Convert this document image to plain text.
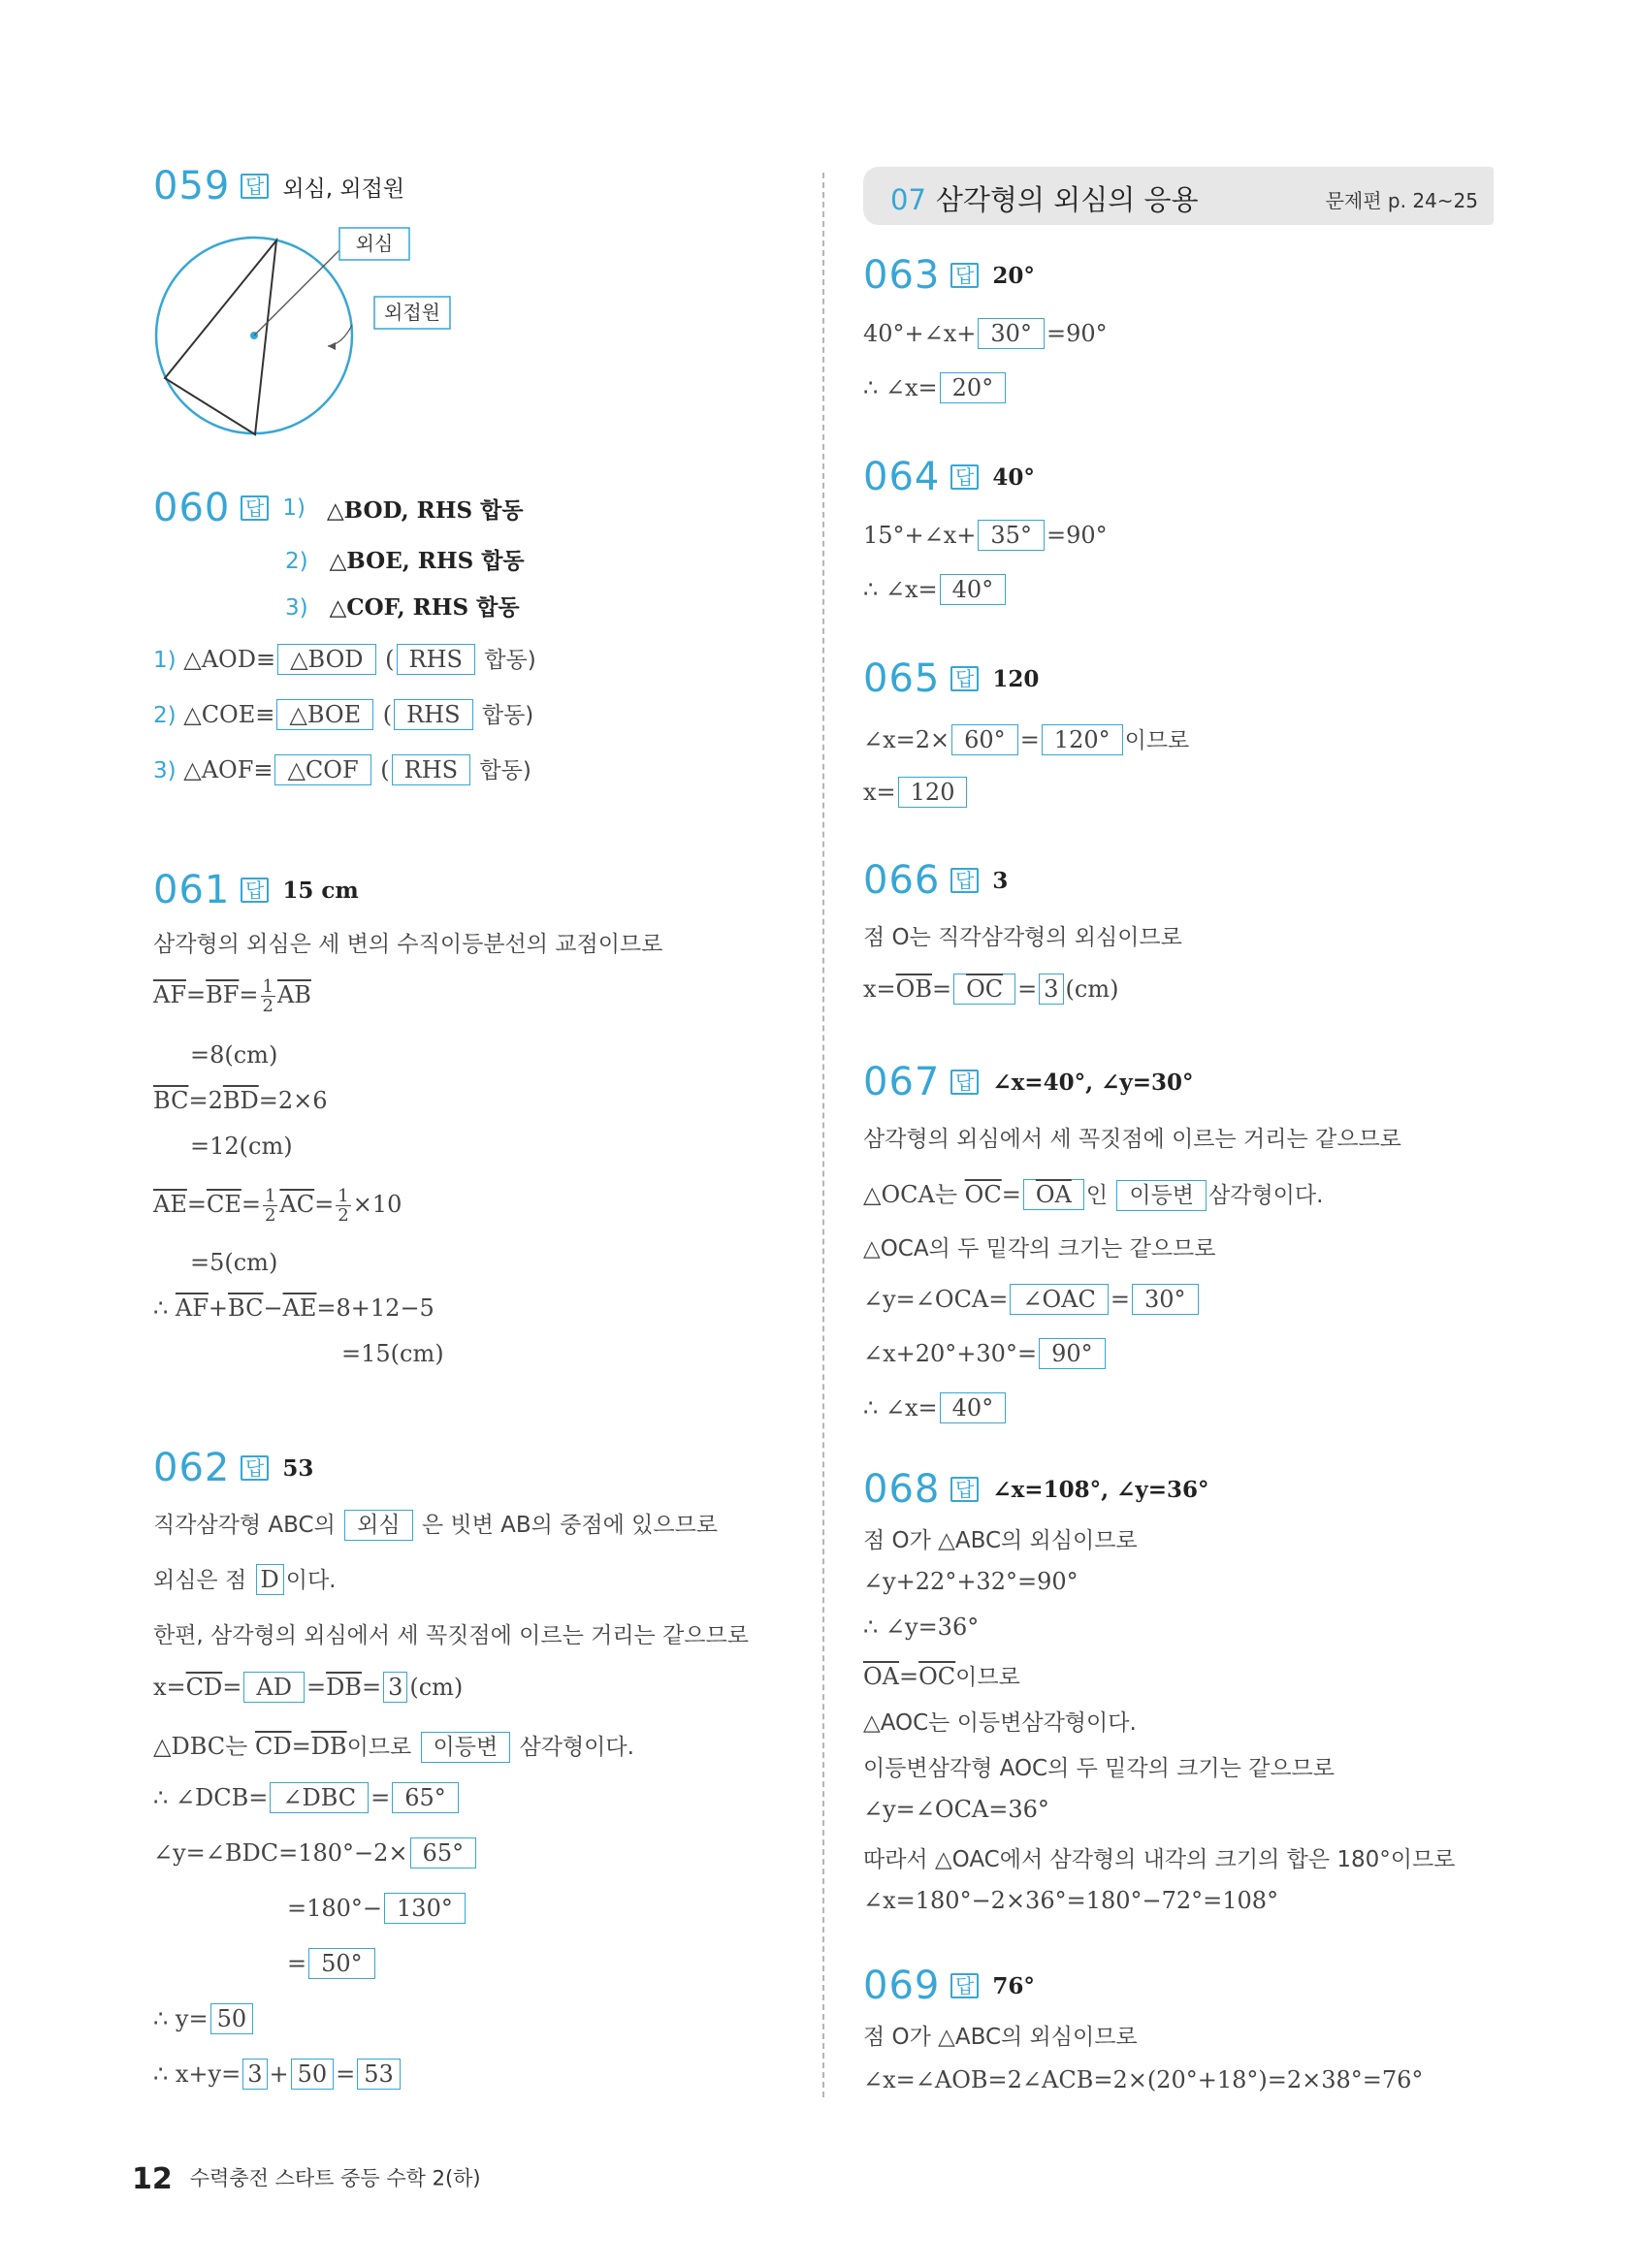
059 답 외심, 외접원
외심
외접원
060 답 1) △BOD, RHS 합동
2) △BOE, RHS 합동
3) △COF, RHS 합동
1) △AOD≡ △BOD ( RHS 합동)
2) △COE≡ △BOE ( RHS 합동)
3) △AOF≡ △COF ( RHS 합동)
061 답 15 cm
삼각형의 외심은 세 변의 수직이등분선의 교점이므로
$\overline{AF}=\overline{BF}= \frac{1}{2} \overline{AB}$
=8(cm)
$\overline{BC}=2\overline{BD}=2\times 6$
=12(cm)
$\overline{AE}=\overline{CE}= \frac{1}{2} \overline{AC}= \frac{1}{2} \times 10$
=5(cm)
∴ $\overline{AF}+\overline{BC}-\overline{AE}=8+12-5$
=15(cm)
062 답 53
직각삼각형 ABC의 외심 은 빗변 AB의 중점에 있으므로
외심은 점 D 이다.
한편, 삼각형의 외심에서 세 꼭짓점에 이르는 거리는 같으므로
$x=\overline{CD}=$ AD $=\overline{DB}= 3$ (cm)
△DBC는 $\overline{CD}=\overline{DB}$이므로 이등변 삼각형이다.
∴ ∠DCB= ∠DBC = 65°
∠y=∠BDC=180°−2× 65°
=180°− 130°
= 50°
∴ y= 50
∴ x+y= 3 + 50 = 53
07 삼각형의 외심의 응용	문제편 p. 24~25
063 답 20°
40°+∠x+ 30° =90°
∴ ∠x= 20°
064 답 40°
15°+∠x+ 35° =90°
∴ ∠x= 40°
065 답 120
∠x=2× 60° = 120° 이므로
x= 120
066 답 3
점 O는 직각삼각형의 외심이므로
$x=\overline{OB}= \overline{OC} = 3$ (cm)
067 답 ∠x=40°, ∠y=30°
삼각형의 외심에서 세 꼭짓점에 이르는 거리는 같으므로
△OCA는 $\overline{OC}= \overline{OA}$ 인 이등변 삼각형이다.
△OCA의 두 밑각의 크기는 같으므로
∠y=∠OCA= ∠OAC = 30°
∠x+20°+30°= 90°
∴ ∠x= 40°
068 답 ∠x=108°, ∠y=36°
점 O가 △ABC의 외심이므로
∠y+22°+32°=90°
∴ ∠y=36°
$\overline{OA}=\overline{OC}$이므로
△AOC는 이등변삼각형이다.
이등변삼각형 AOC의 두 밑각의 크기는 같으므로
∠y=∠OCA=36°
따라서 △OAC에서 삼각형의 내각의 크기의 합은 180°이므로
∠x=180°−2×36°=180°−72°=108°
069 답 76°
점 O가 △ABC의 외심이므로
∠x=∠AOB=2∠ACB=2×(20°+18°)=2×38°=76°
12 수력충전 스타트 중등 수학 2(하)
